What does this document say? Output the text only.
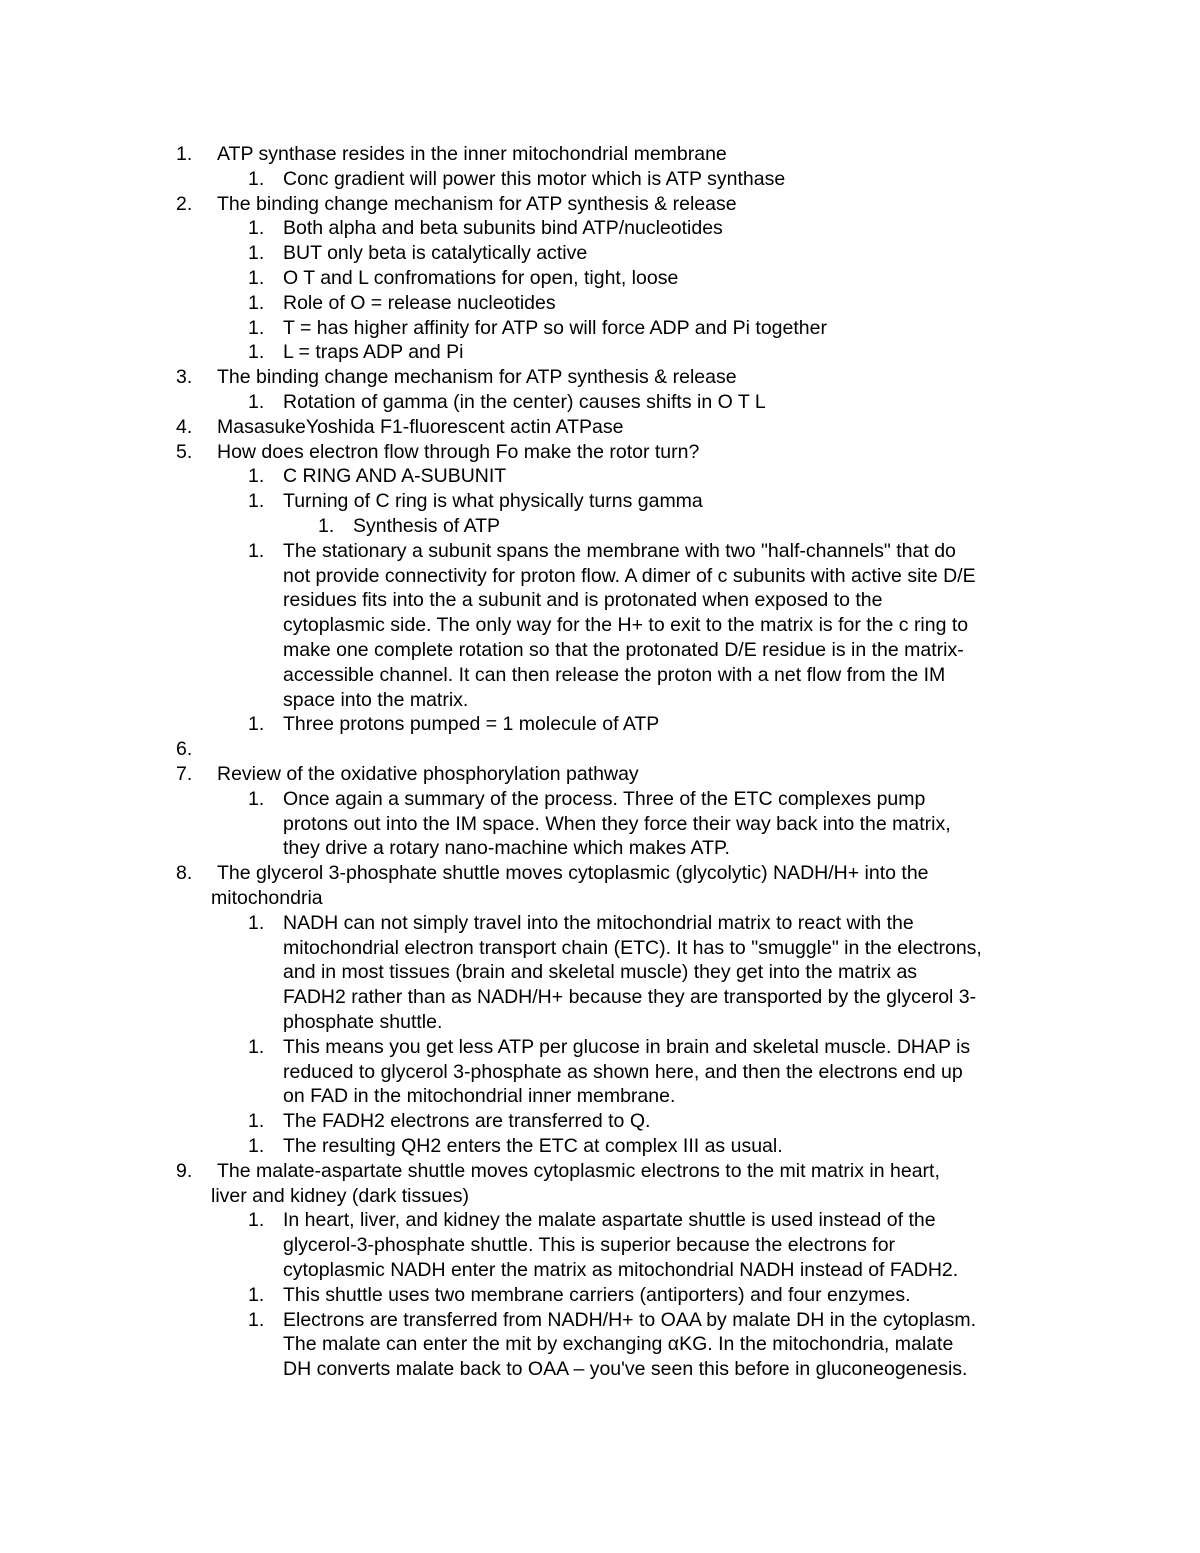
1. ATP synthase resides in the inner mitochondrial membrane
1. Conc gradient will power this motor which is ATP synthase
2. The binding change mechanism for ATP synthesis & release
1. Both alpha and beta subunits bind ATP/nucleotides
1. BUT only beta is catalytically active
1. O T and L confromations for open, tight, loose
1. Role of O = release nucleotides
1. T = has higher affinity for ATP so will force ADP and Pi together
1. L = traps ADP and Pi
3. The binding change mechanism for ATP synthesis & release
1. Rotation of gamma (in the center) causes shifts in O T L
4. MasasukeYoshida F1-fluorescent actin ATPase
5. How does electron flow through Fo make the rotor turn?
1. C RING AND A-SUBUNIT
1. Turning of C ring is what physically turns gamma
1. Synthesis of ATP
1. The stationary a subunit spans the membrane with two "half-channels" that do
not provide connectivity for proton flow. A dimer of c subunits with active site D/E
residues fits into the a subunit and is protonated when exposed to the
cytoplasmic side. The only way for the H+ to exit to the matrix is for the c ring to
make one complete rotation so that the protonated D/E residue is in the matrix-
accessible channel. It can then release the proton with a net flow from the IM
space into the matrix.
1. Three protons pumped = 1 molecule of ATP
6.
7. Review of the oxidative phosphorylation pathway
1. Once again a summary of the process. Three of the ETC complexes pump
protons out into the IM space. When they force their way back into the matrix,
they drive a rotary nano-machine which makes ATP.
8. The glycerol 3-phosphate shuttle moves cytoplasmic (glycolytic) NADH/H+ into the
mitochondria
1. NADH can not simply travel into the mitochondrial matrix to react with the
mitochondrial electron transport chain (ETC). It has to "smuggle" in the electrons,
and in most tissues (brain and skeletal muscle) they get into the matrix as
FADH2 rather than as NADH/H+ because they are transported by the glycerol 3-
phosphate shuttle.
1. This means you get less ATP per glucose in brain and skeletal muscle. DHAP is
reduced to glycerol 3-phosphate as shown here, and then the electrons end up
on FAD in the mitochondrial inner membrane.
1. The FADH2 electrons are transferred to Q.
1. The resulting QH2 enters the ETC at complex III as usual.
9. The malate-aspartate shuttle moves cytoplasmic electrons to the mit matrix in heart,
liver and kidney (dark tissues)
1. In heart, liver, and kidney the malate aspartate shuttle is used instead of the
glycerol-3-phosphate shuttle. This is superior because the electrons for
cytoplasmic NADH enter the matrix as mitochondrial NADH instead of FADH2.
1. This shuttle uses two membrane carriers (antiporters) and four enzymes.
1. Electrons are transferred from NADH/H+ to OAA by malate DH in the cytoplasm.
The malate can enter the mit by exchanging αKG. In the mitochondria, malate
DH converts malate back to OAA – you've seen this before in gluconeogenesis.
